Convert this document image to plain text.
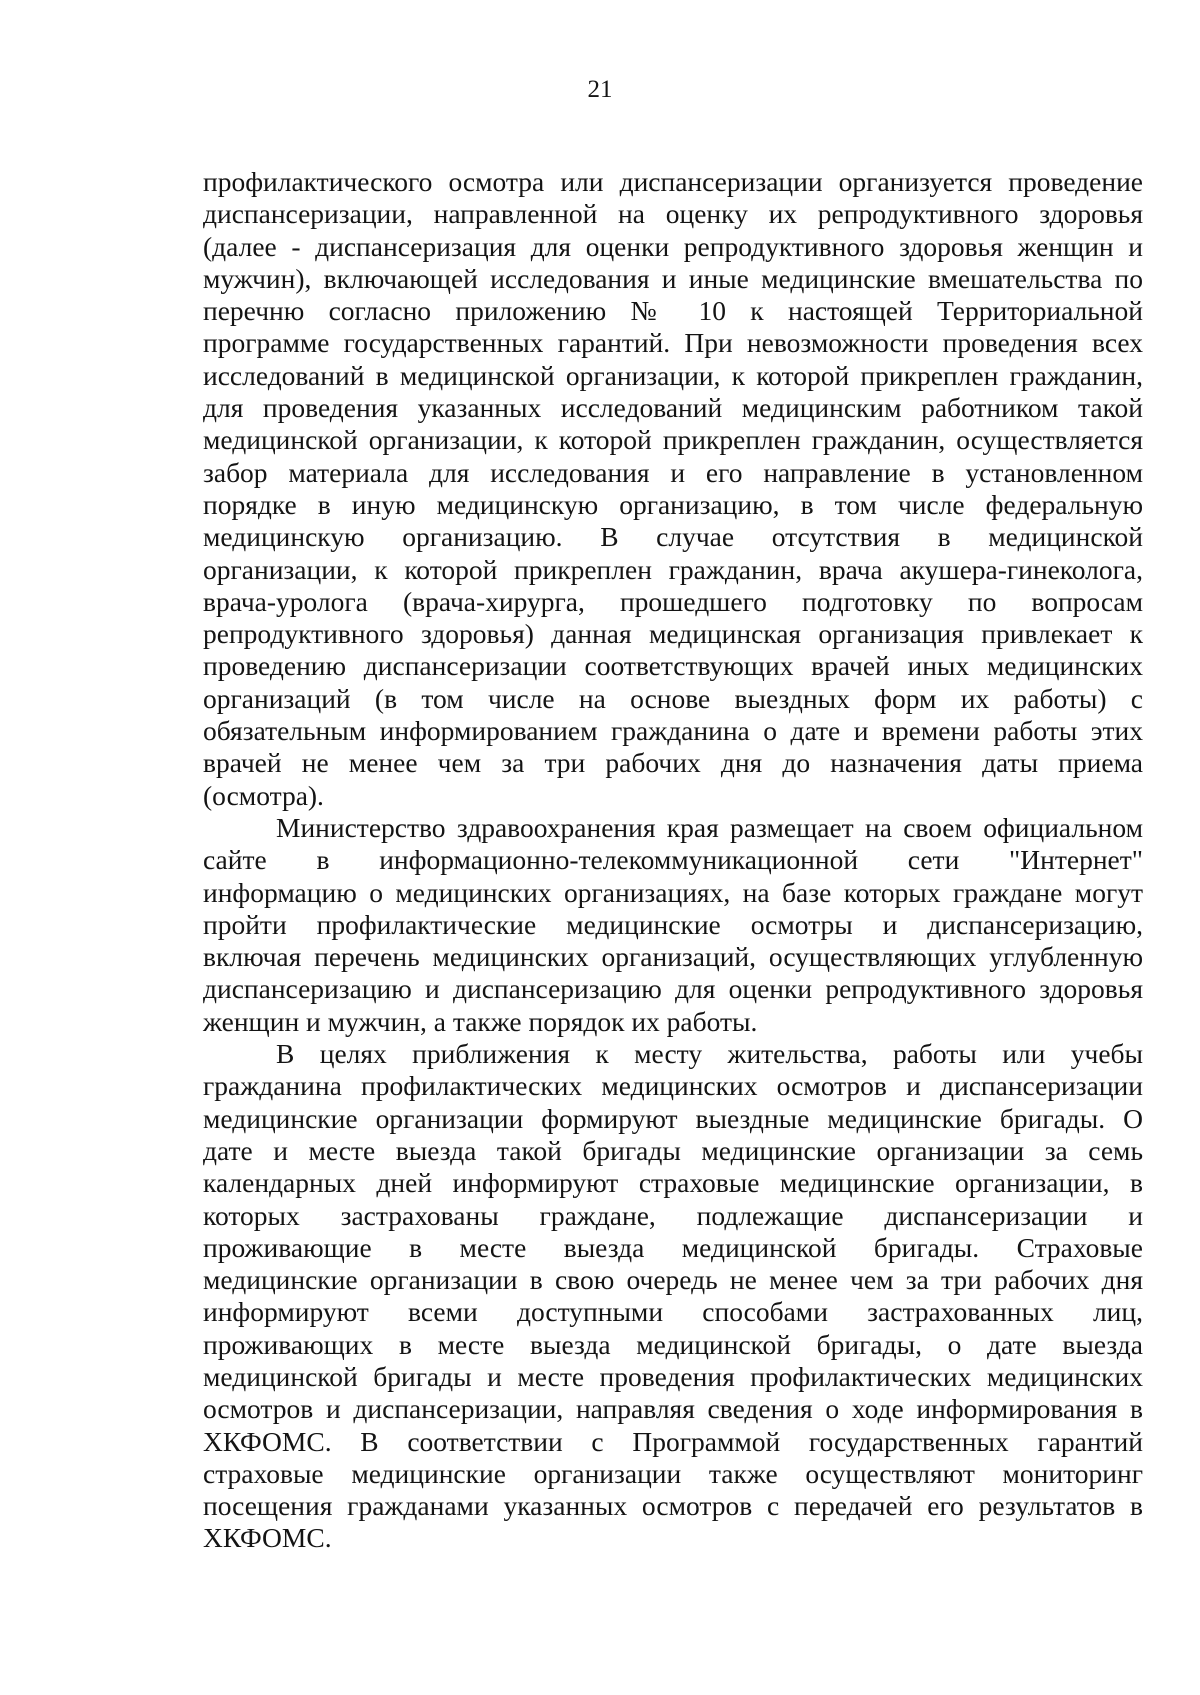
21
профилактического осмотра или диспансеризации организуется проведение
диспансеризации, направленной на оценку их репродуктивного здоровья
(далее - диспансеризация для оценки репродуктивного здоровья женщин и
мужчин), включающей исследования и иные медицинские вмешательства по
перечню согласно приложению № 10 к настоящей Территориальной
программе государственных гарантий. При невозможности проведения всех
исследований в медицинской организации, к которой прикреплен гражданин,
для проведения указанных исследований медицинским работником такой
медицинской организации, к которой прикреплен гражданин, осуществляется
забор материала для исследования и его направление в установленном
порядке в иную медицинскую организацию, в том числе федеральную
медицинскую организацию. В случае отсутствия в медицинской
организации, к которой прикреплен гражданин, врача акушера-гинеколога,
врача-уролога (врача-хирурга, прошедшего подготовку по вопросам
репродуктивного здоровья) данная медицинская организация привлекает к
проведению диспансеризации соответствующих врачей иных медицинских
организаций (в том числе на основе выездных форм их работы) с
обязательным информированием гражданина о дате и времени работы этих
врачей не менее чем за три рабочих дня до назначения даты приема
(осмотра).
Министерство здравоохранения края размещает на своем официальном
сайте в информационно-телекоммуникационной сети "Интернет"
информацию о медицинских организациях, на базе которых граждане могут
пройти профилактические медицинские осмотры и диспансеризацию,
включая перечень медицинских организаций, осуществляющих углубленную
диспансеризацию и диспансеризацию для оценки репродуктивного здоровья
женщин и мужчин, а также порядок их работы.
В целях приближения к месту жительства, работы или учебы
гражданина профилактических медицинских осмотров и диспансеризации
медицинские организации формируют выездные медицинские бригады. О
дате и месте выезда такой бригады медицинские организации за семь
календарных дней информируют страховые медицинские организации, в
которых застрахованы граждане, подлежащие диспансеризации и
проживающие в месте выезда медицинской бригады. Страховые
медицинские организации в свою очередь не менее чем за три рабочих дня
информируют всеми доступными способами застрахованных лиц,
проживающих в месте выезда медицинской бригады, о дате выезда
медицинской бригады и месте проведения профилактических медицинских
осмотров и диспансеризации, направляя сведения о ходе информирования в
ХКФОМС. В соответствии с Программой государственных гарантий
страховые медицинские организации также осуществляют мониторинг
посещения гражданами указанных осмотров с передачей его результатов в
ХКФОМС.
